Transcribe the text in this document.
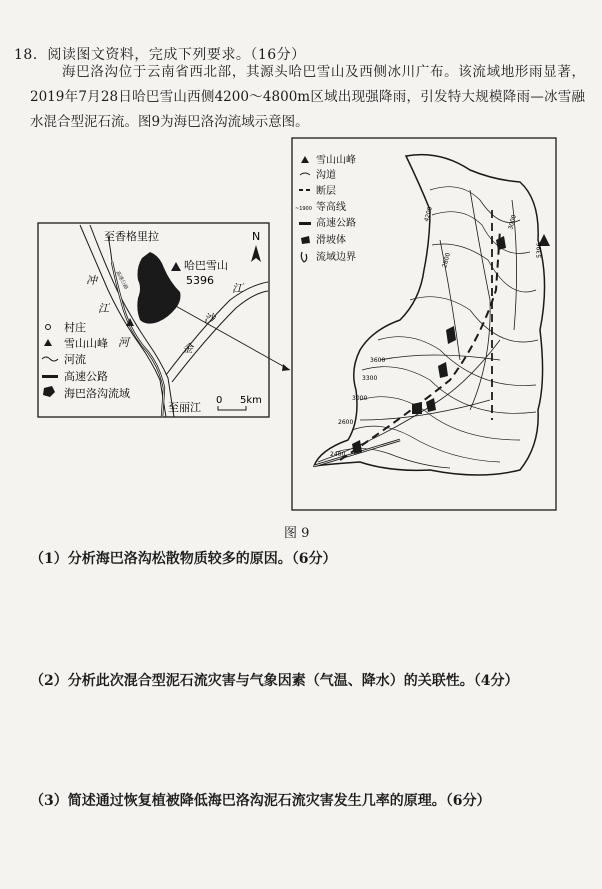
18．阅读图文资料，完成下列要求。（16分）
海巴洛沟位于云南省西北部，其源头哈巴雪山及西侧冰川广布。该流域地形雨显著，2019年7月28日哈巴雪山西侧4200～4800m区域出现强降雨，引发特大规模降雨—冰雪融水混合型泥石流。图9为海巴洛沟流域示意图。
至香格里拉	N
哈巴雪山
5396
冲
江
河
江
沙
金
高速公路
至丽江
0 5km
村庄
雪山山峰
河流
高速公路
海巴洛沟流域
5396
4200
3600
3300
3000
2600
2400
2800
3000
雪山山峰
沟道
断层
~1900 等高线
高速公路
滑坡体
流域边界
图 9
（1）分析海巴洛沟松散物质较多的原因。（6分）
（2）分析此次混合型泥石流灾害与气象因素（气温、降水）的关联性。（4分）
（3）简述通过恢复植被降低海巴洛沟泥石流灾害发生几率的原理。（6分）
